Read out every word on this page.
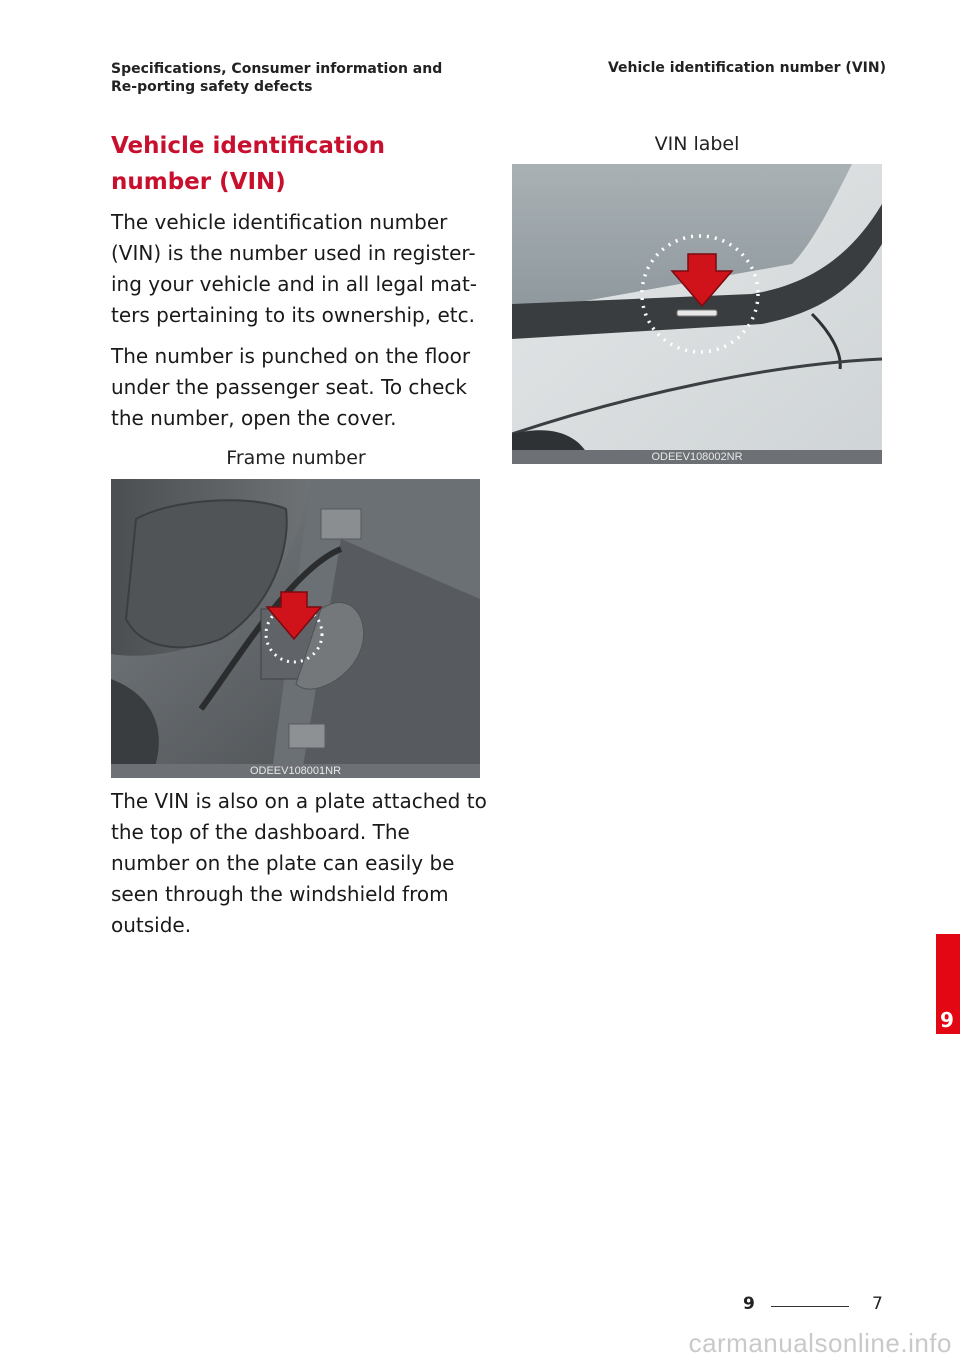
Specifications, Consumer information and Re-porting safety defects
Vehicle identification number (VIN)
Vehicle identification number (VIN)

The vehicle identification number (VIN) is the number used in register-ing your vehicle and in all legal mat-ters pertaining to its ownership, etc.

The number is punched on the floor under the passenger seat. To check the number, open the cover.

Frame number
ODEEV108001NR

The VIN is also on a plate attached to the top of the dashboard. The number on the plate can easily be seen through the windshield from outside.

VIN label
ODEEV108002NR
9
9	7
carmanualsonline.info
